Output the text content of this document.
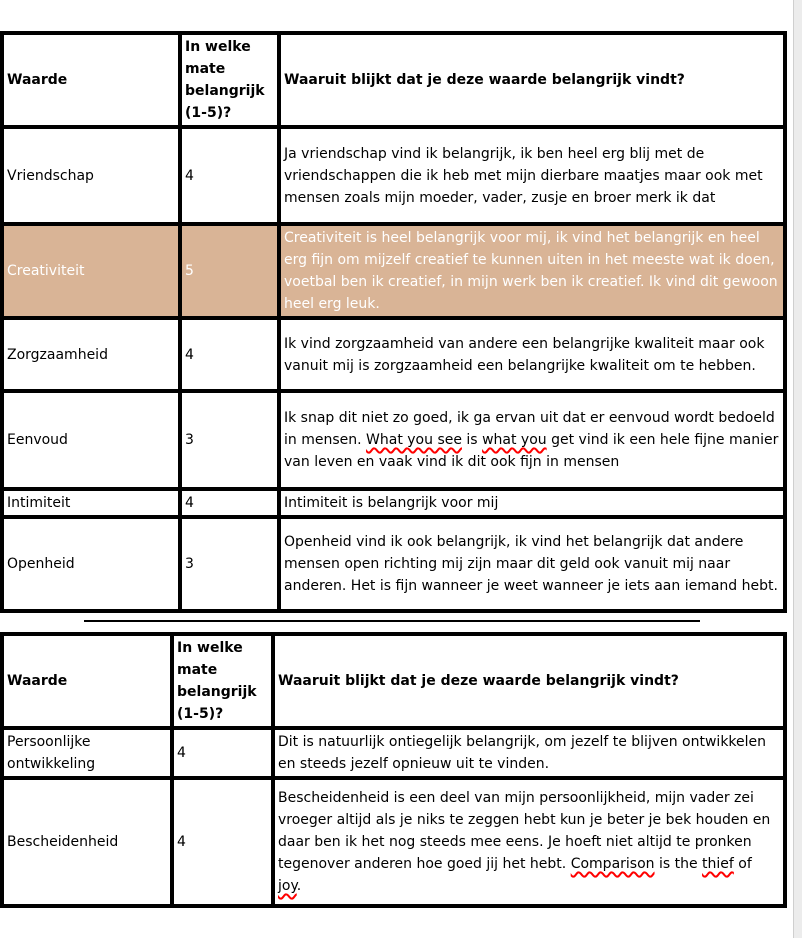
Waarde	In welke mate belangrijk (1-5)?	Waaruit blijkt dat je deze waarde belangrijk vindt?
Vriendschap	4	Ja vriendschap vind ik belangrijk, ik ben heel erg blij met de vriendschappen die ik heb met mijn dierbare maatjes maar ook met mensen zoals mijn moeder, vader, zusje en broer merk ik dat
Creativiteit	5	Creativiteit is heel belangrijk voor mij, ik vind het belangrijk en heel erg fijn om mijzelf creatief te kunnen uiten in het meeste wat ik doen, voetbal ben ik creatief, in mijn werk ben ik creatief. Ik vind dit gewoon heel erg leuk.
Zorgzaamheid	4	Ik vind zorgzaamheid van andere een belangrijke kwaliteit maar ook vanuit mij is zorgzaamheid een belangrijke kwaliteit om te hebben.
Eenvoud	3	Ik snap dit niet zo goed, ik ga ervan uit dat er eenvoud wordt bedoeld in mensen. What you see is what you get vind ik een hele fijne manier van leven en vaak vind ik dit ook fijn in mensen
Intimiteit	4	Intimiteit is belangrijk voor mij
Openheid	3	Openheid vind ik ook belangrijk, ik vind het belangrijk dat andere mensen open richting mij zijn maar dit geld ook vanuit mij naar anderen. Het is fijn wanneer je weet wanneer je iets aan iemand hebt.
Waarde	In welke mate belangrijk (1-5)?	Waaruit blijkt dat je deze waarde belangrijk vindt?
Persoonlijke ontwikkeling	4	Dit is natuurlijk ontiegelijk belangrijk, om jezelf te blijven ontwikkelen en steeds jezelf opnieuw uit te vinden.
Bescheidenheid	4	Bescheidenheid is een deel van mijn persoonlijkheid, mijn vader zei vroeger altijd als je niks te zeggen hebt kun je beter je bek houden en daar ben ik het nog steeds mee eens. Je hoeft niet altijd te pronken tegenover anderen hoe goed jij het hebt. Comparison is the thief of joy.
